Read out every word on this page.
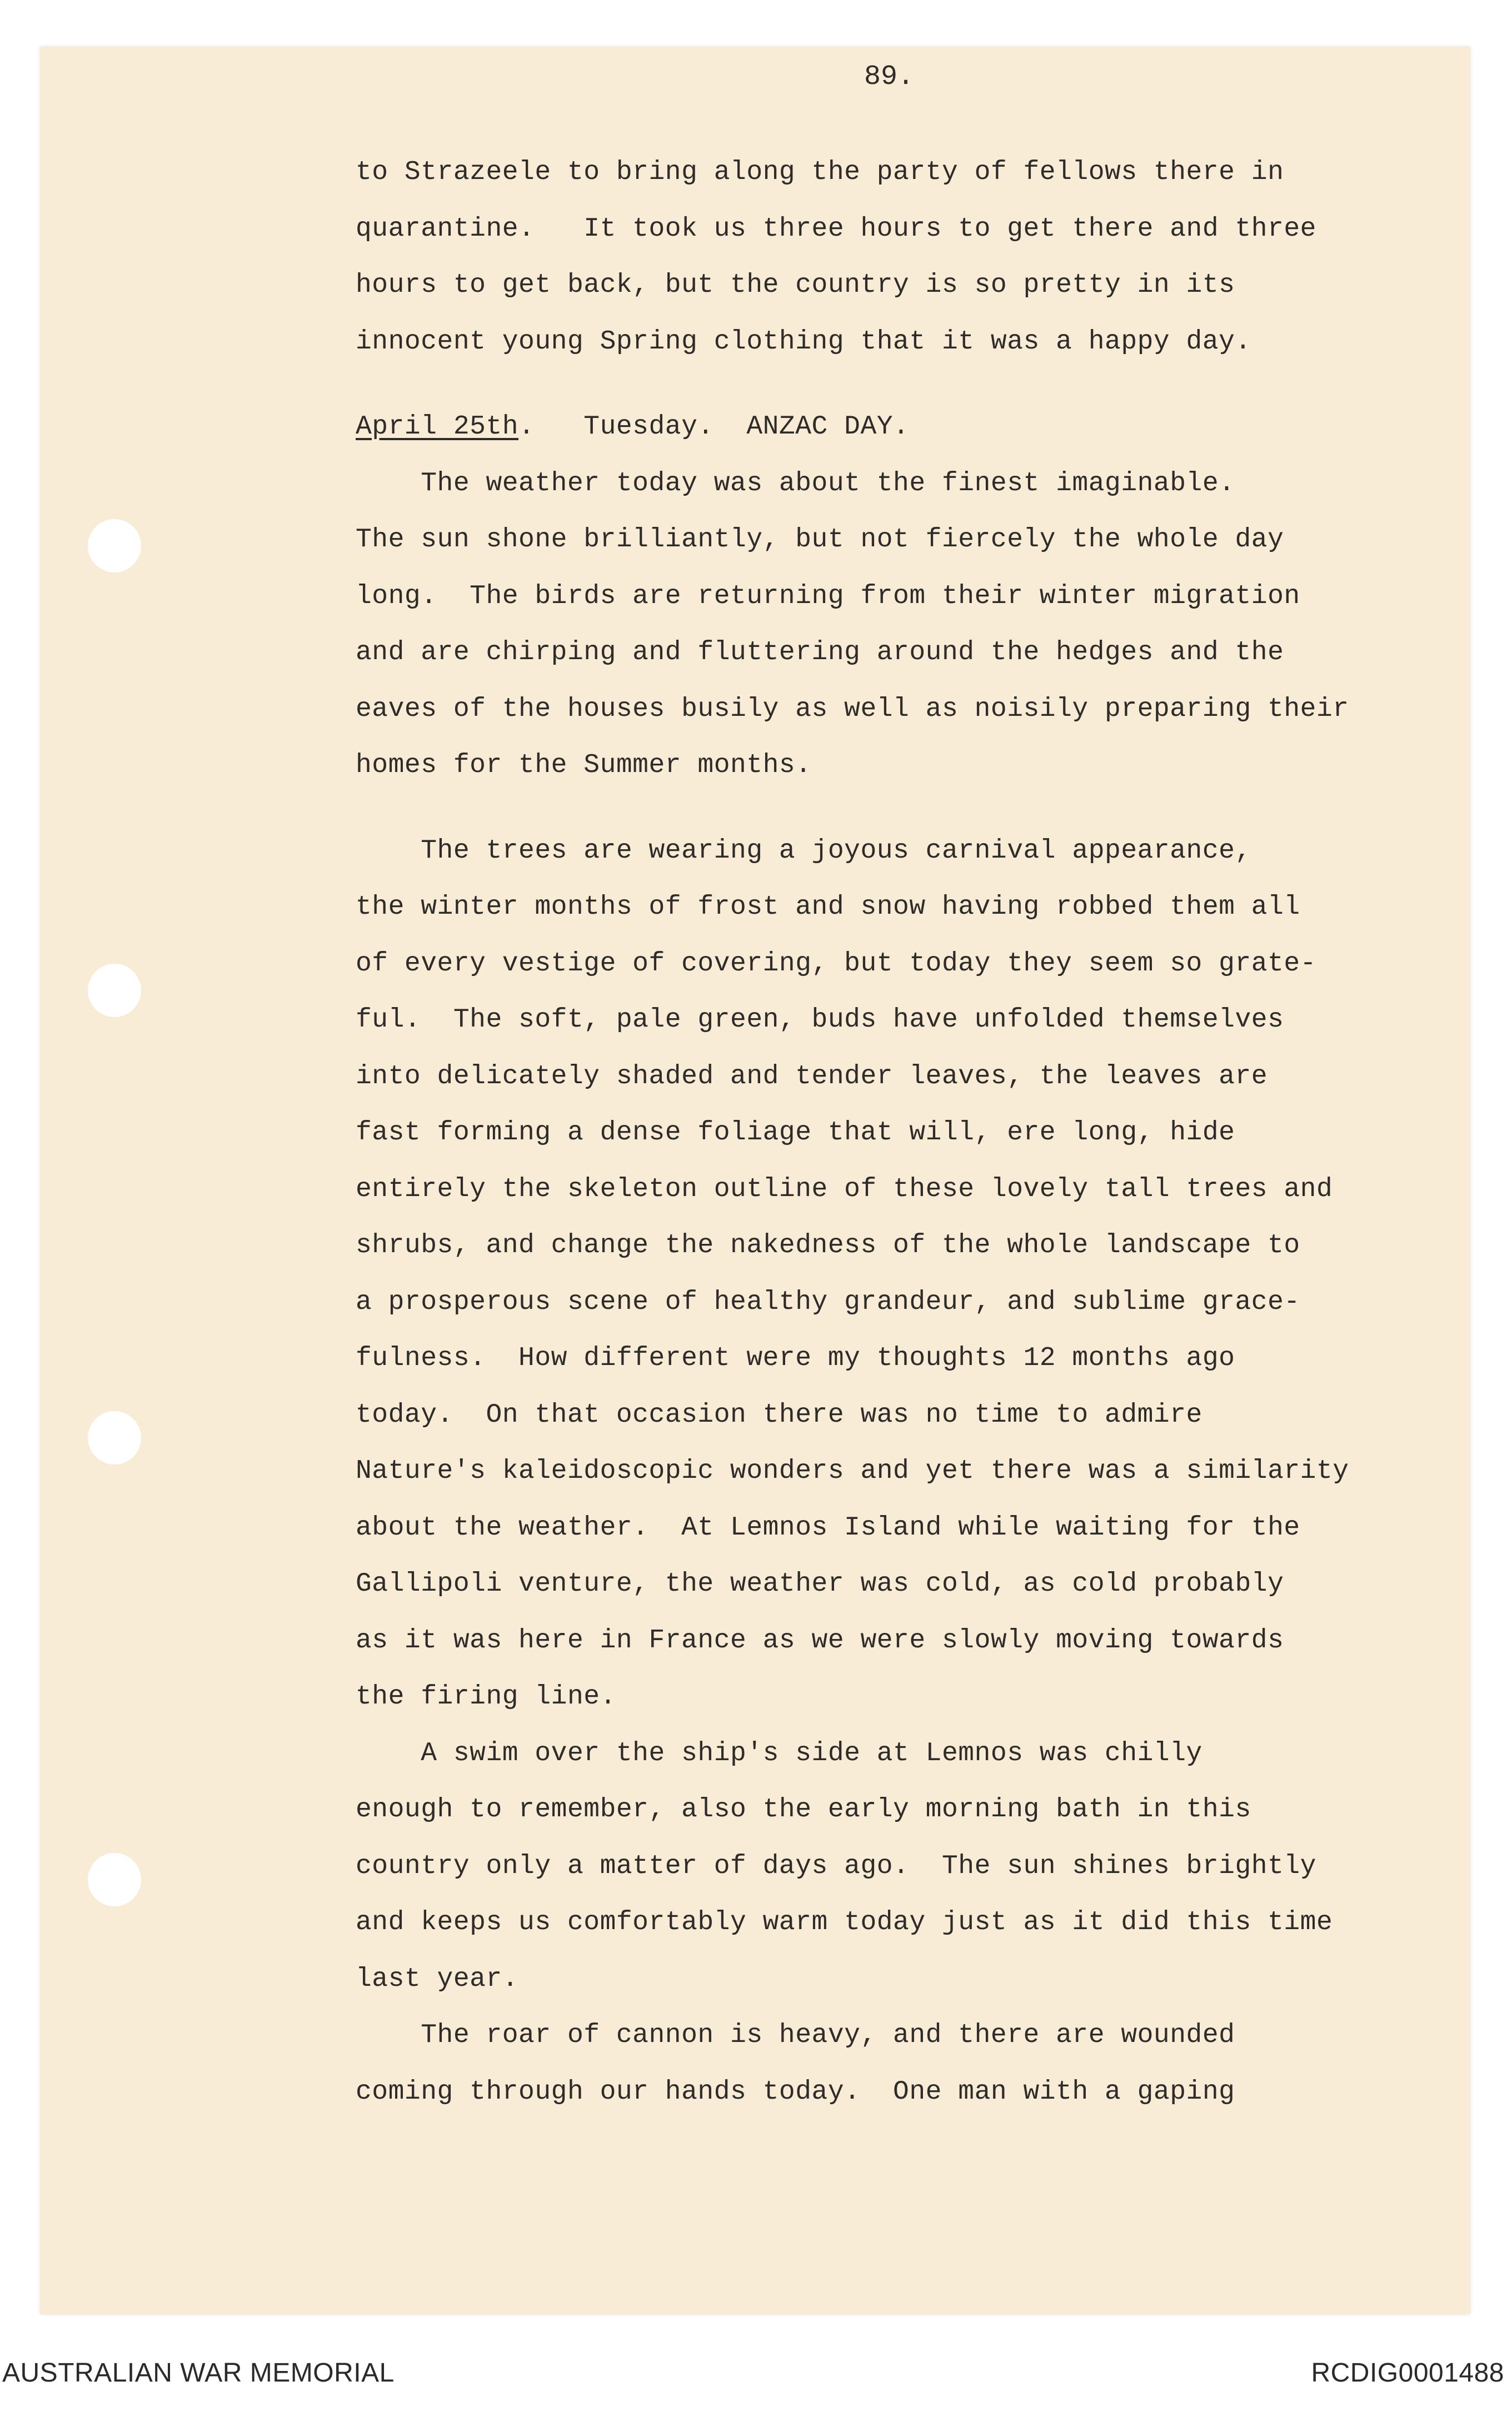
89.
to Strazeele to bring along the party of fellows there in
quarantine.   It took us three hours to get there and three
hours to get back, but the country is so pretty in its
innocent young Spring clothing that it was a happy day.
April 25th.   Tuesday.  ANZAC DAY.
The weather today was about the finest imaginable.
The sun shone brilliantly, but not fiercely the whole day
long.  The birds are returning from their winter migration
and are chirping and fluttering around the hedges and the
eaves of the houses busily as well as noisily preparing their
homes for the Summer months.
The trees are wearing a joyous carnival appearance,
the winter months of frost and snow having robbed them all
of every vestige of covering, but today they seem so grate-
ful.  The soft, pale green, buds have unfolded themselves
into delicately shaded and tender leaves, the leaves are
fast forming a dense foliage that will, ere long, hide
entirely the skeleton outline of these lovely tall trees and
shrubs, and change the nakedness of the whole landscape to
a prosperous scene of healthy grandeur, and sublime grace-
fulness.  How different were my thoughts 12 months ago
today.  On that occasion there was no time to admire
Nature's kaleidoscopic wonders and yet there was a similarity
about the weather.  At Lemnos Island while waiting for the
Gallipoli venture, the weather was cold, as cold probably
as it was here in France as we were slowly moving towards
the firing line.
A swim over the ship's side at Lemnos was chilly
enough to remember, also the early morning bath in this
country only a matter of days ago.  The sun shines brightly
and keeps us comfortably warm today just as it did this time
last year.
The roar of cannon is heavy, and there are wounded
coming through our hands today.  One man with a gaping
AUSTRALIAN WAR MEMORIAL	RCDIG0001488
